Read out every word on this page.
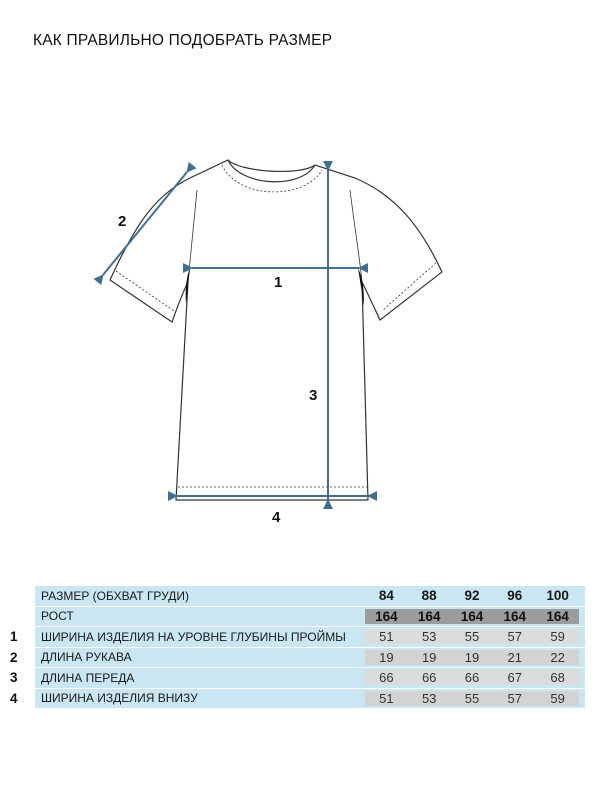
КАК ПРАВИЛЬНО ПОДОБРАТЬ РАЗМЕР
1
2
3
4
РАЗМЕР (ОБХВАТ ГРУДИ)	84	88	92	96	100
РОСТ	164	164	164	164	164
1	ШИРИНА ИЗДЕЛИЯ НА УРОВНЕ ГЛУБИНЫ ПРОЙМЫ	51	53	55	57	59
2	ДЛИНА РУКАВА	19	19	19	21	22
3	ДЛИНА ПЕРЕДА	66	66	66	67	68
4	ШИРИНА ИЗДЕЛИЯ ВНИЗУ	51	53	55	57	59
